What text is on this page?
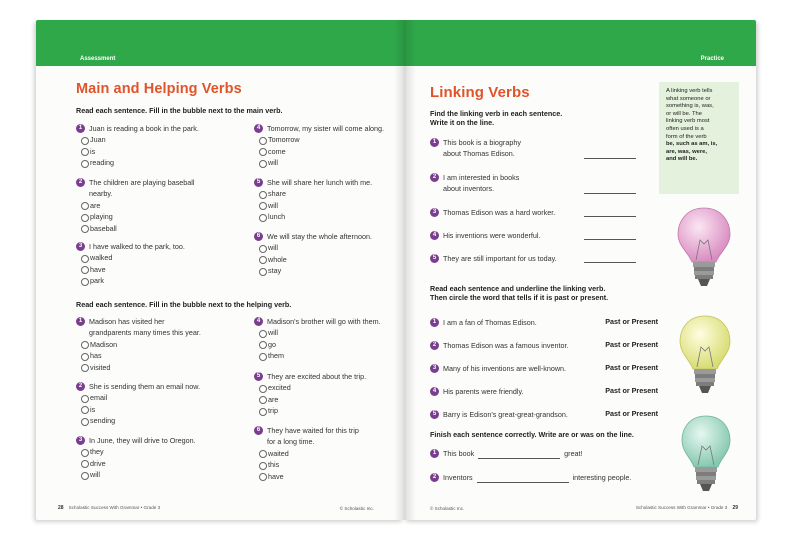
Assessment
Main and Helping Verbs
Read each sentence. Fill in the bubble next to the main verb.
1 Juan is reading a book in the park.
Juan
is
reading
2 The children are playing baseball
nearby.
are
playing
baseball
3 I have walked to the park, too.
walked
have
park
4 Tomorrow, my sister will come along.
Tomorrow
come
will
5 She will share her lunch with me.
share
will
lunch
6 We will stay the whole afternoon.
will
whole
stay
Read each sentence. Fill in the bubble next to the helping verb.
1 Madison has visited her
grandparents many times this year.
Madison
has
visited
2 She is sending them an email now.
email
is
sending
3 In June, they will drive to Oregon.
they
drive
will
4 Madison's brother will go with them.
will
go
them
5 They are excited about the trip.
excited
are
trip
6 They have waited for this trip
for a long time.
waited
this
have
28 Scholastic Success With Grammar • Grade 3	© Scholastic Inc.
Practice
Linking Verbs
Find the linking verb in each sentence.
Write it on the line.
1 This book is a biography
about Thomas Edison.
2 I am interested in books
about inventors.
3 Thomas Edison was a hard worker.
4 His inventions were wonderful.
5 They are still important for us today.
A linking verb tells
what someone or
something is, was,
or will be. The
linking verb most
often used is a
form of the verb
be, such as am, is,
are, was, were,
and will be.
Read each sentence and underline the linking verb.
Then circle the word that tells if it is past or present.
1 I am a fan of Thomas Edison.	Past or Present
2 Thomas Edison was a famous inventor.	Past or Present
3 Many of his inventions are well-known.	Past or Present
4 His parents were friendly.	Past or Present
5 Barry is Edison's great-great-grandson.	Past or Present
Finish each sentence correctly. Write are or was on the line.
1 This book	great!
2 Inventors	interesting people.
© Scholastic Inc.	Scholastic Success With Grammar • Grade 3 29
